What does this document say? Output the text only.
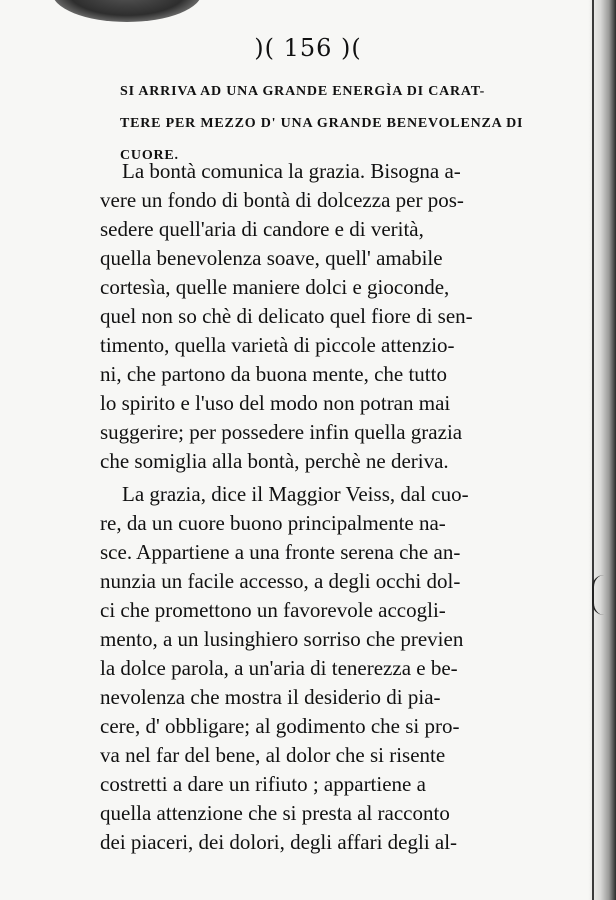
)( 156 )(
SI ARRIVA AD UNA GRANDE ENERGÌA DI CARAT-
TERE PER MEZZO D' UNA GRANDE BENEVOLENZA DI
CUORE.
La bontà comunica la grazia. Bisogna a-
vere un fondo di bontà di dolcezza per pos-
sedere quell'aria di candore e di verità,
quella benevolenza soave, quell' amabile
cortesìa, quelle maniere dolci e gioconde,
quel non so chè di delicato quel fiore di sen-
timento, quella varietà di piccole attenzio-
ni, che partono da buona mente, che tutto
lo spirito e l'uso del modo non potran mai
suggerire; per possedere infin quella grazia
che somiglia alla bontà, perchè ne deriva.
La grazia, dice il Maggior Veiss, dal cuo-
re, da un cuore buono principalmente na-
sce. Appartiene a una fronte serena che an-
nunzia un facile accesso, a degli occhi dol-
ci che promettono un favorevole accogli-
mento, a un lusinghiero sorriso che previen
la dolce parola, a un'aria di tenerezza e be-
nevolenza che mostra il desiderio di pia-
cere, d' obbligare; al godimento che si pro-
va nel far del bene, al dolor che si risente
costretti a dare un rifiuto ; appartiene a
quella attenzione che si presta al racconto
dei piaceri, dei dolori, degli affari degli al-
